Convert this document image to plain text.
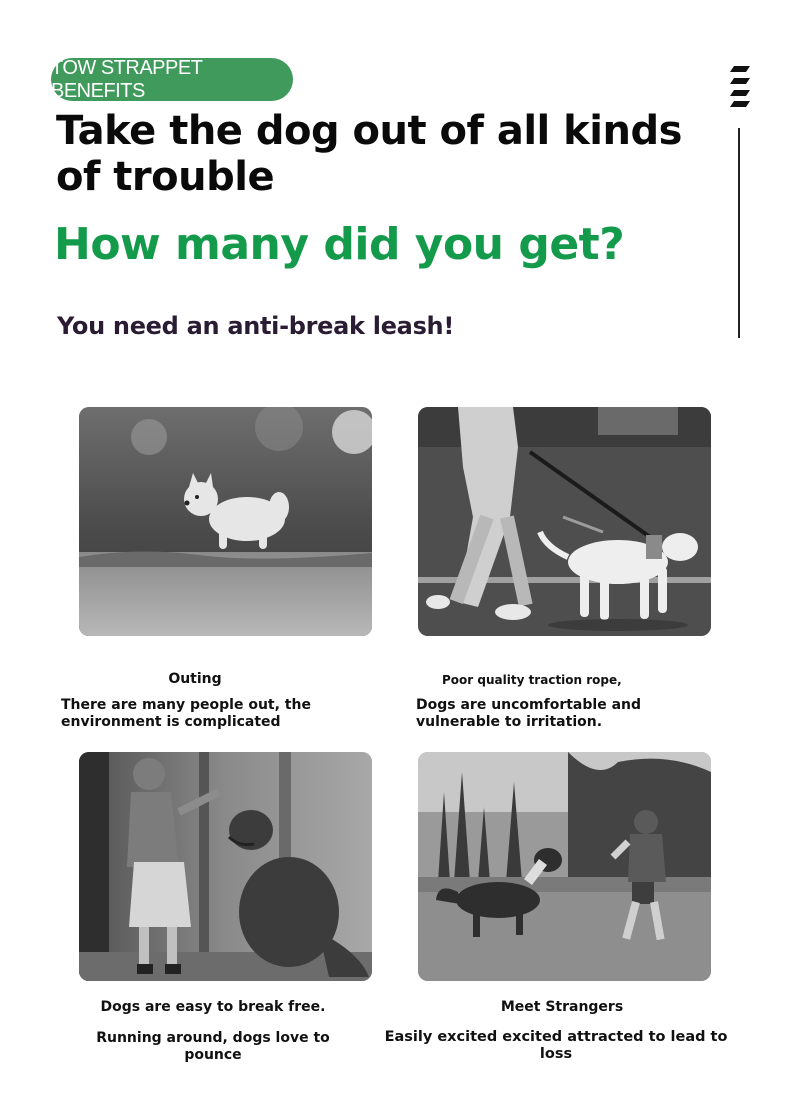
TOW STRAPPET BENEFITS
Take the dog out of all kinds of trouble
How many did you get?
You need an anti-break leash!

Outing

There are many people out, the environment is complicated

Poor quality traction rope,

Dogs are uncomfortable and vulnerable to irritation.

Dogs are easy to break free.

Running around, dogs love to pounce

Meet Strangers

Easily excited excited attracted to lead to loss
